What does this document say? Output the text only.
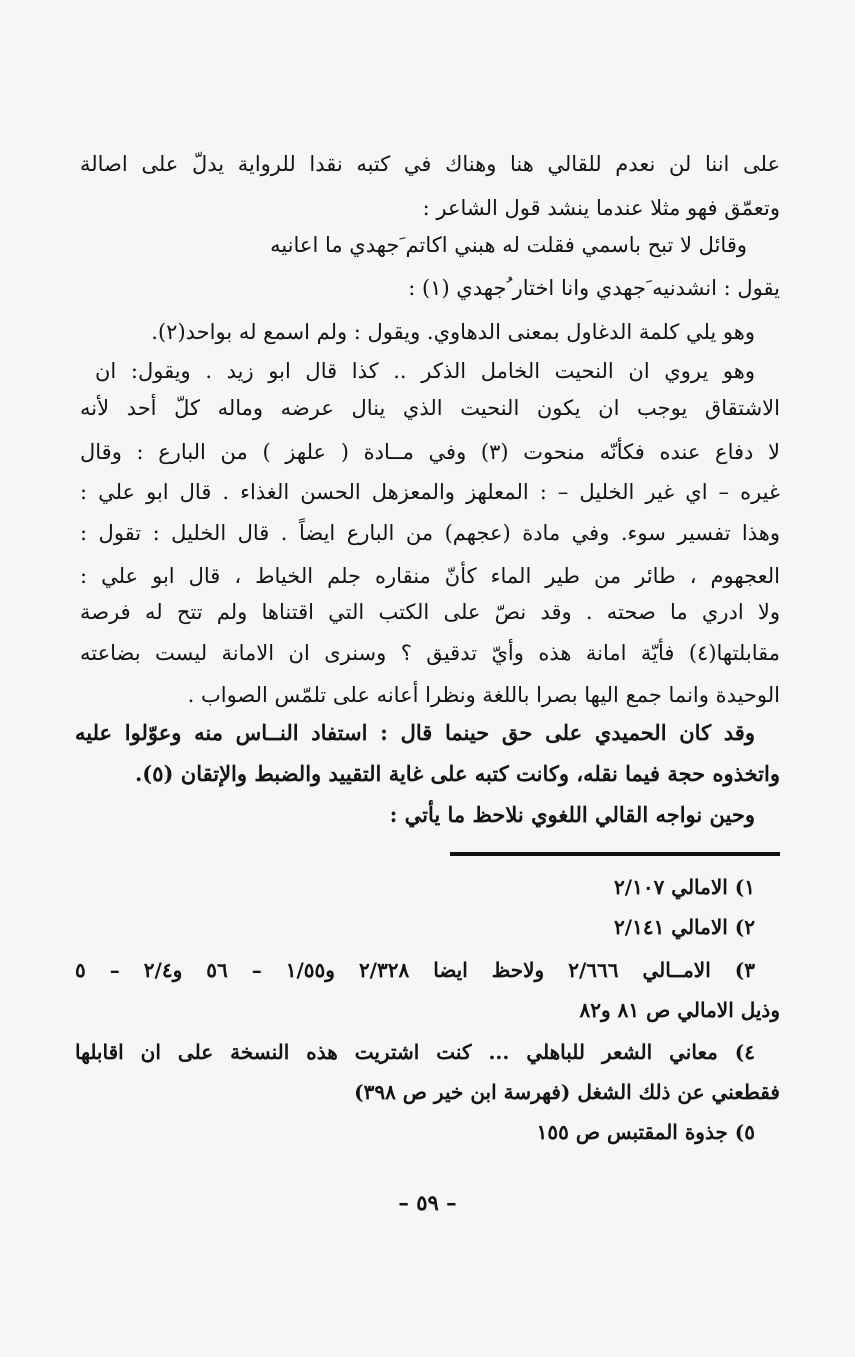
على اننا لن نعدم للقالي هنا وهناك في كتبه نقدا للرواية يدلّ على اصالة
وتعمّق فهو مثلا عندما ينشد قول الشاعر :
وقائل لا تبح باسمي فقلت له هبني اكاتم َجهدي ما اعانيه
يقول : انشدنيه َجهدي وانا اختار ُجهدي (١) :
وهو يلي كلمة الدغاول بمعنى الدهاوي. ويقول : ولم اسمع له بواحد(٢).
وهو يروي ان النحيت الخامل الذكر .. كذا قال ابو زيد . ويقول: ان
الاشتقاق يوجب ان يكون النحيت الذي ينال عرضه وماله كلّ أحد لأنه
لا دفاع عنده فكأنّه منحوت (٣) وفي مــادة ( علهز ) من البارع : وقال
غيره – اي غير الخليل – : المعلهز والمعزهل الحسن الغذاء . قال ابو علي :
وهذا تفسير سوء. وفي مادة (عجهم) من البارع ايضاً . قال الخليل : تقول :
العجهوم ، طائر من طير الماء كأنّ منقاره جلم الخياط ، قال ابو علي :
ولا ادري ما صحته . وقد نصّ على الكتب التي اقتناها ولم تتح له فرصة
مقابلتها(٤) فأيّة امانة هذه وأيّ تدقيق ؟ وسنرى ان الامانة ليست بضاعته
الوحيدة وانما جمع اليها بصرا باللغة ونظرا أعانه على تلمّس الصواب .
وقد كان الحميدي على حق حينما قال : استفاد النــاس منه وعوّلوا عليه
واتخذوه حجة فيما نقله، وكانت كتبه على غاية التقييد والضبط والإتقان (٥).
وحين نواجه القالي اللغوي نلاحظ ما يأتي :
١) الامالي ٢/١٠٧
٢) الامالي ٢/١٤١
٣) الامــالي ٢/٦٦٦ ولاحظ ايضا ٢/٣٢٨ و١/٥٥ – ٥٦ و٢/٤ – ٥
وذيل الامالي ص ٨١ و٨٢
٤) معاني الشعر للباهلي ... كنت اشتريت هذه النسخة على ان اقابلها
فقطعني عن ذلك الشغل (فهرسة ابن خير ص ٣٩٨)
٥) جذوة المقتبس ص ١٥٥
– ٥٩ –
